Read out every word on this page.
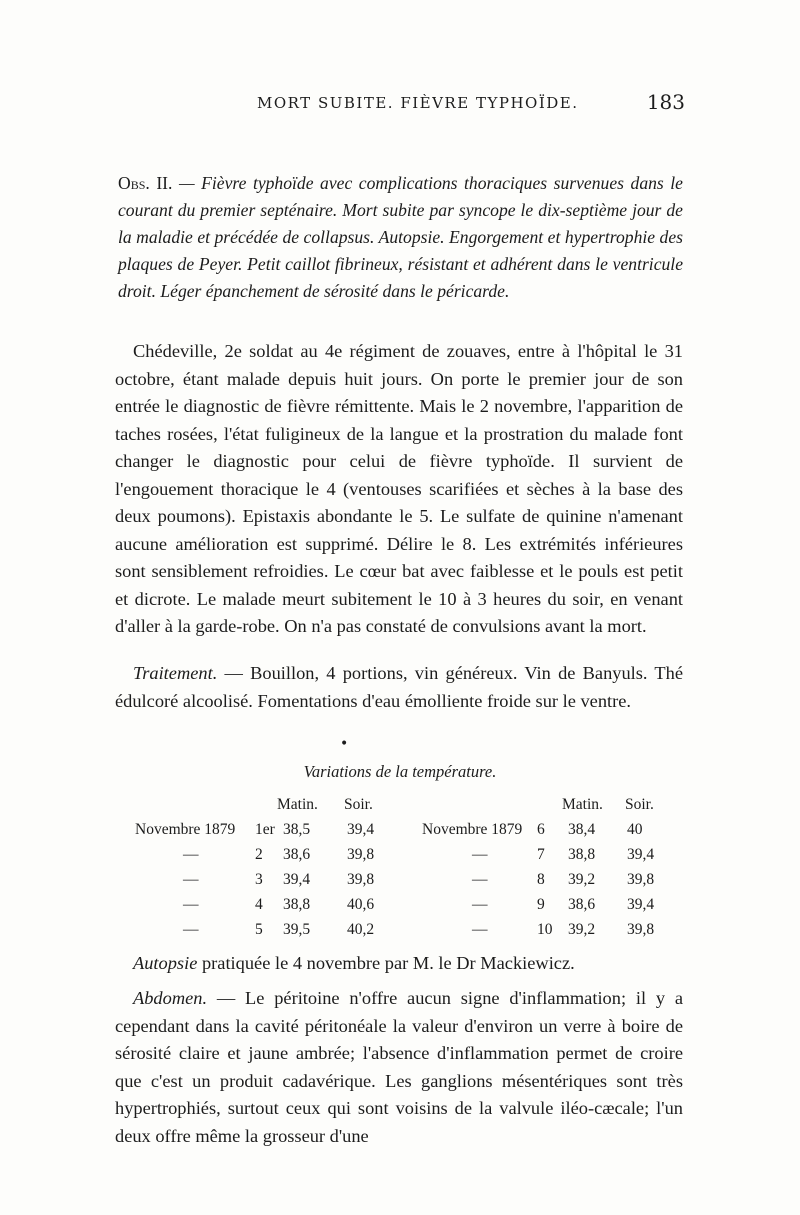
MORT SUBITE. FIÈVRE TYPHOÏDE.	183
Obs. II. — Fièvre typhoïde avec complications thoraciques survenues dans le courant du premier septénaire. Mort subite par syncope le dix-septième jour de la maladie et précédée de collapsus. Autopsie. Engorgement et hypertrophie des plaques de Peyer. Petit caillot fibrineux, résistant et adhérent dans le ventricule droit. Léger épanchement de sérosité dans le péricarde.

Chédeville, 2e soldat au 4e régiment de zouaves, entre à l'hôpital le 31 octobre, étant malade depuis huit jours. On porte le premier jour de son entrée le diagnostic de fièvre rémittente. Mais le 2 novembre, l'apparition de taches rosées, l'état fuligineux de la langue et la prostration du malade font changer le diagnostic pour celui de fièvre typhoïde. Il survient de l'engouement thoracique le 4 (ventouses scarifiées et sèches à la base des deux poumons). Epistaxis abondante le 5. Le sulfate de quinine n'amenant aucune amélioration est supprimé. Délire le 8. Les extrémités inférieures sont sensiblement refroidies. Le cœur bat avec faiblesse et le pouls est petit et dicrote. Le malade meurt subitement le 10 à 3 heures du soir, en venant d'aller à la garde-robe. On n'a pas constaté de convulsions avant la mort.

Traitement. — Bouillon, 4 portions, vin généreux. Vin de Banyuls. Thé édulcoré alcoolisé. Fomentations d'eau émolliente froide sur le ventre.

•
Variations de la température.
Matin. Soir.	Matin. Soir.
Novembre 1879 1er 38,5 39,4
—	2 38,6 39,8
—	3 39,4 39,8
—	4 38,8 40,6
—	5 39,5 40,2
Novembre 1879 6 38,4 40
—	7 38,8 39,4
—	8 39,2 39,8
—	9 38,6 39,4
—	10 39,2 39,8

Autopsie pratiquée le 4 novembre par M. le Dr Mackiewicz.

Abdomen. — Le péritoine n'offre aucun signe d'inflammation; il y a cependant dans la cavité péritonéale la valeur d'environ un verre à boire de sérosité claire et jaune ambrée; l'absence d'inflammation permet de croire que c'est un produit cadavérique. Les ganglions mésentériques sont très hypertrophiés, surtout ceux qui sont voisins de la valvule iléo-cæcale; l'un deux offre même la grosseur d'une
